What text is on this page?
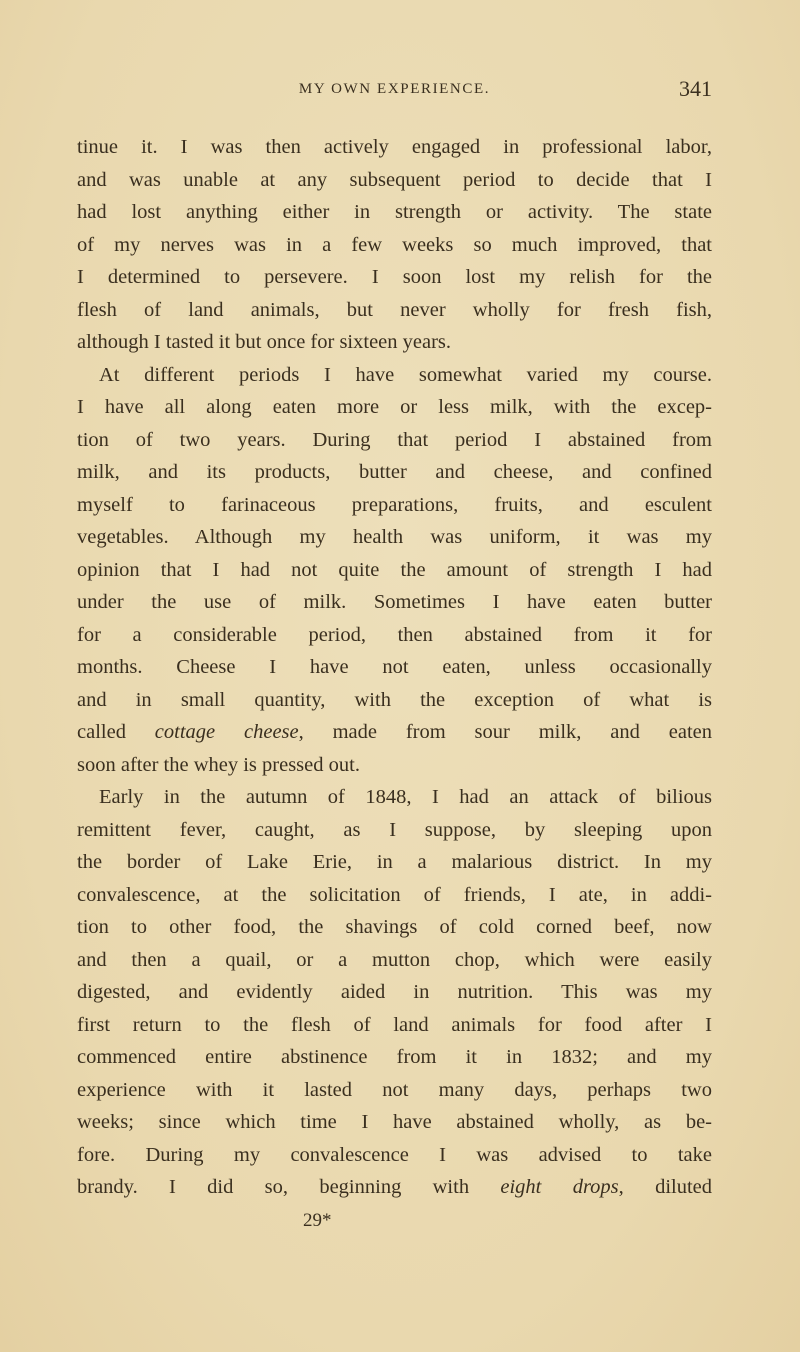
MY OWN EXPERIENCE.	341
tinue it. I was then actively engaged in professional labor,
and was unable at any subsequent period to decide that I
had lost anything either in strength or activity. The state
of my nerves was in a few weeks so much improved, that
I determined to persevere. I soon lost my relish for the
flesh of land animals, but never wholly for fresh fish,
although I tasted it but once for sixteen years.
At different periods I have somewhat varied my course.
I have all along eaten more or less milk, with the excep-
tion of two years. During that period I abstained from
milk, and its products, butter and cheese, and confined
myself to farinaceous preparations, fruits, and esculent
vegetables. Although my health was uniform, it was my
opinion that I had not quite the amount of strength I had
under the use of milk. Sometimes I have eaten butter
for a considerable period, then abstained from it for
months. Cheese I have not eaten, unless occasionally
and in small quantity, with the exception of what is
called cottage cheese, made from sour milk, and eaten
soon after the whey is pressed out.
Early in the autumn of 1848, I had an attack of bilious
remittent fever, caught, as I suppose, by sleeping upon
the border of Lake Erie, in a malarious district. In my
convalescence, at the solicitation of friends, I ate, in addi-
tion to other food, the shavings of cold corned beef, now
and then a quail, or a mutton chop, which were easily
digested, and evidently aided in nutrition. This was my
first return to the flesh of land animals for food after I
commenced entire abstinence from it in 1832; and my
experience with it lasted not many days, perhaps two
weeks; since which time I have abstained wholly, as be-
fore. During my convalescence I was advised to take
brandy. I did so, beginning with eight drops, diluted
29*
